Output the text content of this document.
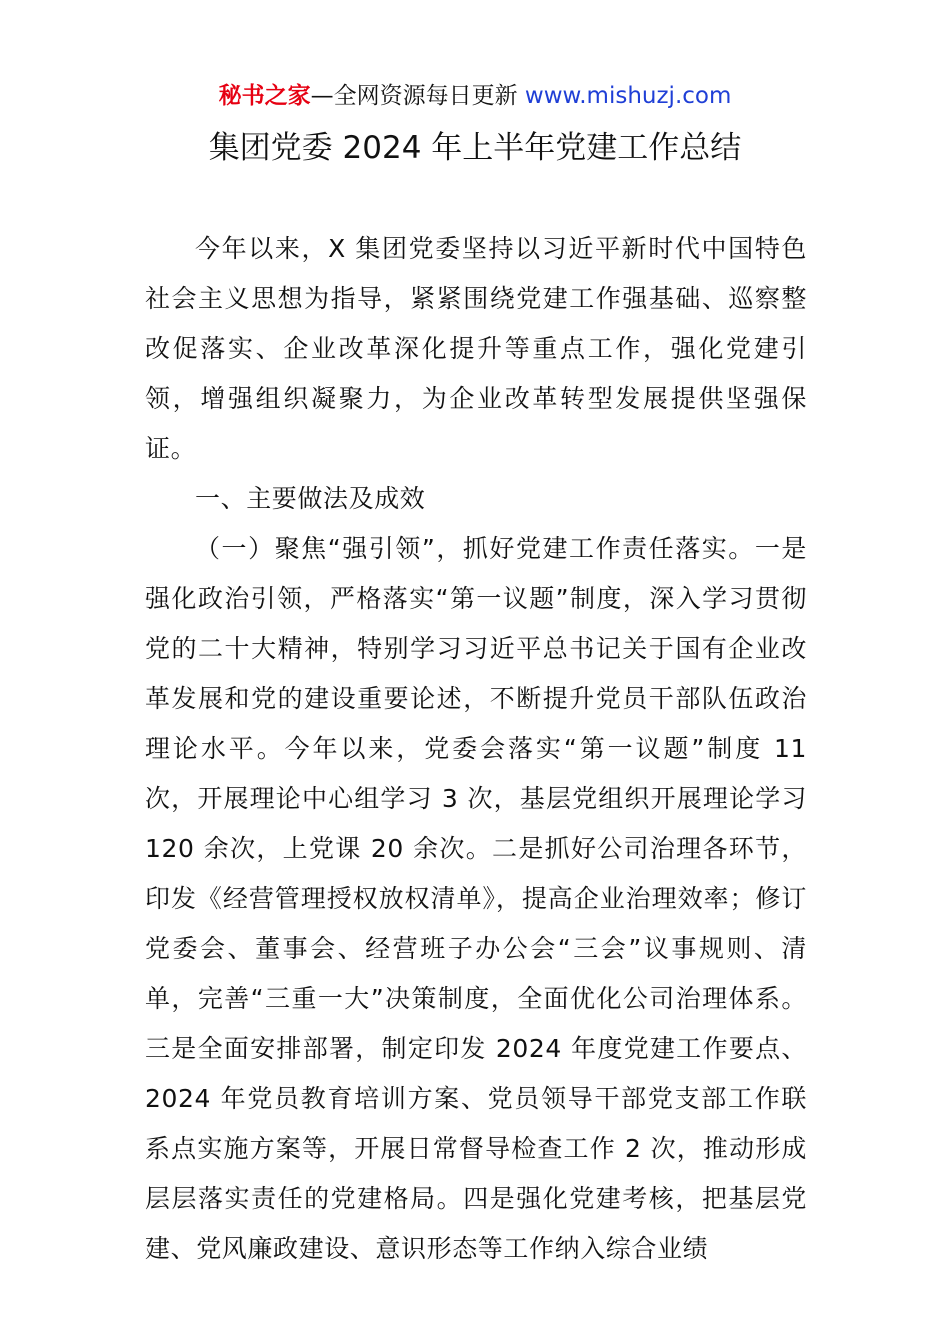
秘书之家—全网资源每日更新 www.mishuzj.com
集团党委 2024 年上半年党建工作总结

今年以来，X 集团党委坚持以习近平新时代中国特色社会主义思想为指导，紧紧围绕党建工作强基础、巡察整改促落实、企业改革深化提升等重点工作，强化党建引领，增强组织凝聚力，为企业改革转型发展提供坚强保证。

一、主要做法及成效

（一）聚焦“强引领”，抓好党建工作责任落实。一是强化政治引领，严格落实“第一议题”制度，深入学习贯彻党的二十大精神，特别学习习近平总书记关于国有企业改革发展和党的建设重要论述，不断提升党员干部队伍政治理论水平。今年以来，党委会落实“第一议题”制度 11 次，开展理论中心组学习 3 次，基层党组织开展理论学习 120 余次，上党课 20 余次。二是抓好公司治理各环节，印发《经营管理授权放权清单》，提高企业治理效率；修订党委会、董事会、经营班子办公会“三会”议事规则、清单，完善“三重一大”决策制度，全面优化公司治理体系。三是全面安排部署，制定印发 2024 年度党建工作要点、2024 年党员教育培训方案、党员领导干部党支部工作联系点实施方案等，开展日常督导检查工作 2 次，推动形成层层落实责任的党建格局。四是强化党建考核，把基层党建、党风廉政建设、意识形态等工作纳入综合业绩
